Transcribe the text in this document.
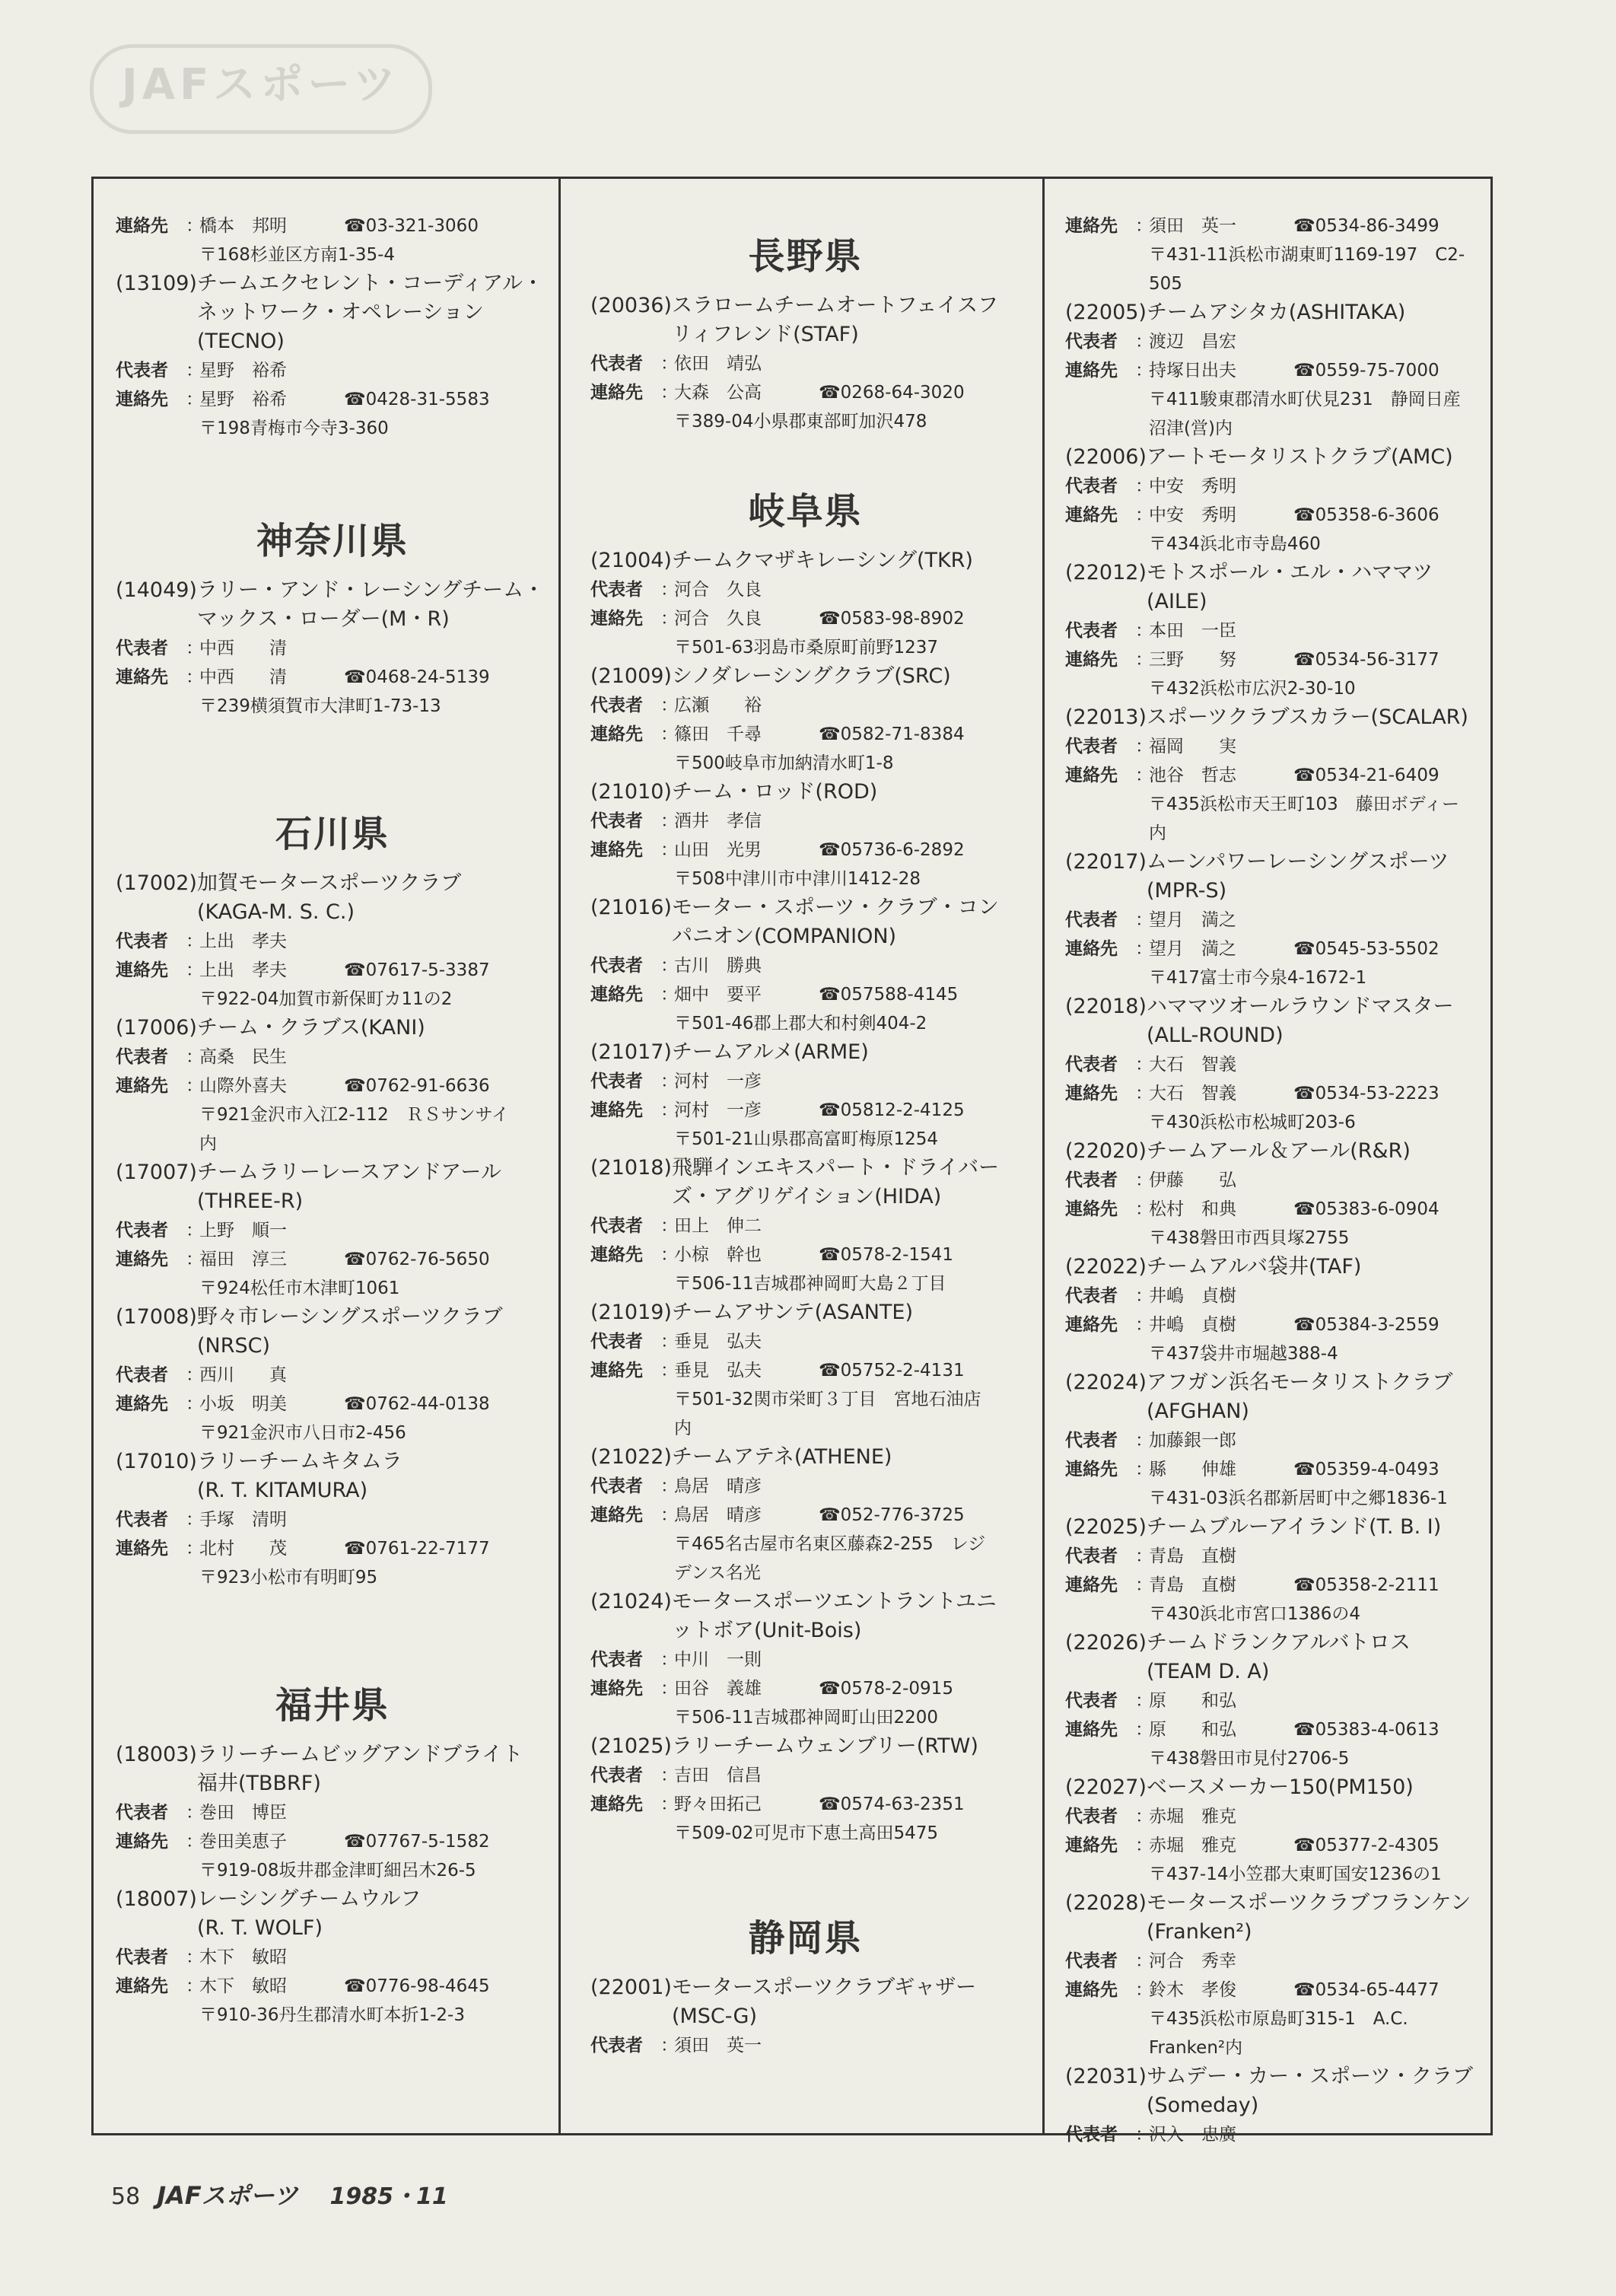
JAFスポーツ
連絡先	：
橋本　邦明	☎03-321-3060
〒168杉並区方南1-35-4
(13109) チームエクセレント・コーディアル・
ネットワーク・オペレーション
(TECNO)
代表者	：
星野　裕希
連絡先	：
星野　裕希	☎0428-31-5583
〒198青梅市今寺3-360
神奈川県
(14049) ラリー・アンド・レーシングチーム・
マックス・ローダー(M・R)
代表者	：
中西　　清
連絡先	：
中西　　清	☎0468-24-5139
〒239横須賀市大津町1-73-13
石川県
(17002) 加賀モータースポーツクラブ
(KAGA-M. S. C.)
代表者	：
上出　孝夫
連絡先	：
上出　孝夫	☎07617-5-3387
〒922-04加賀市新保町カ11の2
(17006) チーム・クラブス(KANI)
代表者	：
高桑　民生
連絡先	：
山際外喜夫	☎0762-91-6636
〒921金沢市入江2-112　ＲＳサンサイ
内
(17007) チームラリーレースアンドアール
(THREE-R)
代表者	：
上野　順一
連絡先	：
福田　淳三	☎0762-76-5650
〒924松任市木津町1061
(17008) 野々市レーシングスポーツクラブ
(NRSC)
代表者	：
西川　　真
連絡先	：
小坂　明美	☎0762-44-0138
〒921金沢市八日市2-456
(17010) ラリーチームキタムラ
(R. T. KITAMURA)
代表者	：
手塚　清明
連絡先	：
北村　　茂	☎0761-22-7177
〒923小松市有明町95
福井県
(18003) ラリーチームビッグアンドブライト
福井(TBBRF)
代表者	：
巻田　博臣
連絡先	：
巻田美恵子	☎07767-5-1582
〒919-08坂井郡金津町細呂木26-5
(18007) レーシングチームウルフ
(R. T. WOLF)
代表者	：
木下　敏昭
連絡先	：
木下　敏昭	☎0776-98-4645
〒910-36丹生郡清水町本折1-2-3
長野県
(20036) スラロームチームオートフェイスフ
リィフレンド(STAF)
代表者	：
依田　靖弘
連絡先	：
大森　公高	☎0268-64-3020
〒389-04小県郡東部町加沢478
岐阜県
(21004) チームクマザキレーシング(TKR)
代表者	：
河合　久良
連絡先	：
河合　久良	☎0583-98-8902
〒501-63羽島市桑原町前野1237
(21009) シノダレーシングクラブ(SRC)
代表者	：
広瀬　　裕
連絡先	：
篠田　千尋	☎0582-71-8384
〒500岐阜市加納清水町1-8
(21010) チーム・ロッド(ROD)
代表者	：
酒井　孝信
連絡先	：
山田　光男	☎05736-6-2892
〒508中津川市中津川1412-28
(21016) モーター・スポーツ・クラブ・コン
パニオン(COMPANION)
代表者	：
古川　勝典
連絡先	：
畑中　要平	☎057588-4145
〒501-46郡上郡大和村剣404-2
(21017) チームアルメ(ARME)
代表者	：
河村　一彦
連絡先	：
河村　一彦	☎05812-2-4125
〒501-21山県郡高富町梅原1254
(21018) 飛騨インエキスパート・ドライバー
ズ・アグリゲイション(HIDA)
代表者	：
田上　伸二
連絡先	：
小椋　幹也	☎0578-2-1541
〒506-11吉城郡神岡町大島２丁目
(21019) チームアサンテ(ASANTE)
代表者	：
垂見　弘夫
連絡先	：
垂見　弘夫	☎05752-2-4131
〒501-32関市栄町３丁目　宮地石油店
内
(21022) チームアテネ(ATHENE)
代表者	：
鳥居　晴彦
連絡先	：
鳥居　晴彦	☎052-776-3725
〒465名古屋市名東区藤森2-255　レジ
デンス名光
(21024) モータースポーツエントラントユニ
ットボア(Unit-Bois)
代表者	：
中川　一則
連絡先	：
田谷　義雄	☎0578-2-0915
〒506-11吉城郡神岡町山田2200
(21025) ラリーチームウェンブリー(RTW)
代表者	：
吉田　信昌
連絡先	：
野々田拓己	☎0574-63-2351
〒509-02可児市下恵土高田5475
静岡県
(22001) モータースポーツクラブギャザー
(MSC-G)
代表者	：
須田　英一
連絡先	：
須田　英一	☎0534-86-3499
〒431-11浜松市湖東町1169-197　C2-
505
(22005) チームアシタカ(ASHITAKA)
代表者	：
渡辺　昌宏
連絡先	：
持塚日出夫	☎0559-75-7000
〒411駿東郡清水町伏見231　静岡日産
沼津(営)内
(22006) アートモータリストクラブ(AMC)
代表者	：
中安　秀明
連絡先	：
中安　秀明	☎05358-6-3606
〒434浜北市寺島460
(22012) モトスポール・エル・ハママツ(AILE)
代表者	：
本田　一臣
連絡先	：
三野　　努	☎0534-56-3177
〒432浜松市広沢2-30-10
(22013) スポーツクラブスカラー(SCALAR)
代表者	：
福岡　　実
連絡先	：
池谷　哲志	☎0534-21-6409
〒435浜松市天王町103　藤田ボディー
内
(22017) ムーンパワーレーシングスポーツ
(MPR-S)
代表者	：
望月　満之
連絡先	：
望月　満之	☎0545-53-5502
〒417富士市今泉4-1672-1
(22018) ハママツオールラウンドマスター
(ALL-ROUND)
代表者	：
大石　智義
連絡先	：
大石　智義	☎0534-53-2223
〒430浜松市松城町203-6
(22020) チームアール＆アール(R&R)
代表者	：
伊藤　　弘
連絡先	：
松村　和典	☎05383-6-0904
〒438磐田市西貝塚2755
(22022) チームアルバ袋井(TAF)
代表者	：
井嶋　貞樹
連絡先	：
井嶋　貞樹	☎05384-3-2559
〒437袋井市堀越388-4
(22024) アフガン浜名モータリストクラブ
(AFGHAN)
代表者	：
加藤銀一郎
連絡先	：
縣　　伸雄	☎05359-4-0493
〒431-03浜名郡新居町中之郷1836-1
(22025) チームブルーアイランド(T. B. I)
代表者	：
青島　直樹
連絡先	：
青島　直樹	☎05358-2-2111
〒430浜北市宮口1386の4
(22026) チームドランクアルバトロス
(TEAM D. A)
代表者	：
原　　和弘
連絡先	：
原　　和弘	☎05383-4-0613
〒438磐田市見付2706-5
(22027) ベースメーカー150(PM150)
代表者	：
赤堀　雅克
連絡先	：
赤堀　雅克	☎05377-2-4305
〒437-14小笠郡大東町国安1236の1
(22028) モータースポーツクラブフランケン
(Franken²)
代表者	：
河合　秀幸
連絡先	：
鈴木　孝俊	☎0534-65-4477
〒435浜松市原島町315-1　A.C.
Franken²内
(22031) サムデー・カー・スポーツ・クラブ
(Someday)
代表者	：
沢入　忠廣
58 JAFスポーツ 1985・11
